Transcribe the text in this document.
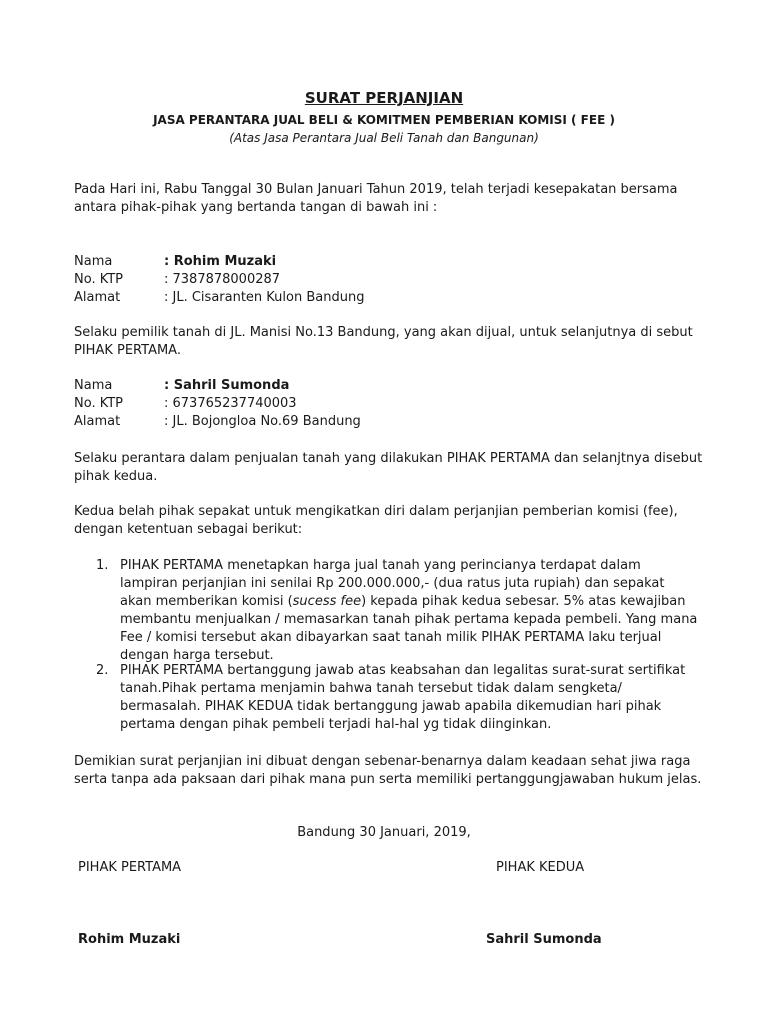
SURAT PERJANJIAN
JASA PERANTARA JUAL BELI & KOMITMEN PEMBERIAN KOMISI ( FEE )
(Atas Jasa Perantara Jual Beli Tanah dan Bangunan)
Pada Hari ini, Rabu Tanggal 30 Bulan Januari Tahun 2019, telah terjadi kesepakatan bersama antara pihak-pihak yang bertanda tangan di bawah ini :
Nama	: Rohim Muzaki
No. KTP	: 7387878000287
Alamat	: JL. Cisaranten Kulon Bandung
Selaku pemilik tanah di JL. Manisi No.13 Bandung, yang akan dijual, untuk selanjutnya di sebut PIHAK PERTAMA.
Nama	: Sahril Sumonda
No. KTP	: 673765237740003
Alamat	: JL. Bojongloa No.69 Bandung
Selaku perantara dalam penjualan tanah yang dilakukan PIHAK PERTAMA dan selanjtnya disebut pihak kedua.
Kedua belah pihak sepakat untuk mengikatkan diri dalam perjanjian pemberian komisi (fee), dengan ketentuan sebagai berikut:
1. PIHAK PERTAMA menetapkan harga jual tanah yang perincianya terdapat dalam lampiran perjanjian ini senilai Rp 200.000.000,- (dua ratus juta rupiah) dan sepakat akan memberikan komisi (sucess fee) kepada pihak kedua sebesar. 5% atas kewajiban membantu menjualkan / memasarkan tanah pihak pertama kepada pembeli. Yang mana Fee / komisi tersebut akan dibayarkan saat tanah milik PIHAK PERTAMA laku terjual dengan harga tersebut.
2. PIHAK PERTAMA bertanggung jawab atas keabsahan dan legalitas surat-surat sertifikat tanah.Pihak pertama menjamin bahwa tanah tersebut tidak dalam sengketa/ bermasalah. PIHAK KEDUA tidak bertanggung jawab apabila dikemudian hari pihak pertama dengan pihak pembeli terjadi hal-hal yg tidak diinginkan.
Demikian surat perjanjian ini dibuat dengan sebenar-benarnya dalam keadaan sehat jiwa raga serta tanpa ada paksaan dari pihak mana pun serta memiliki pertanggungjawaban hukum jelas.
Bandung 30 Januari, 2019,
PIHAK PERTAMA	PIHAK KEDUA
Rohim Muzaki	Sahril Sumonda
